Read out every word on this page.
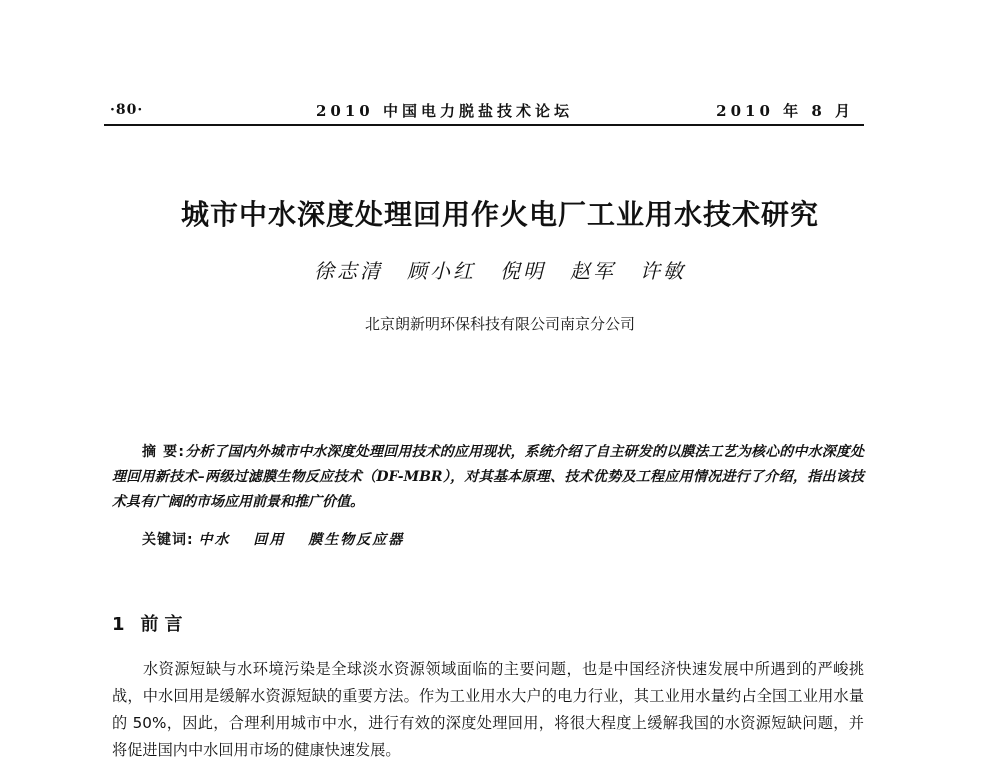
·80·	2010 中国电力脱盐技术论坛	2010 年 8 月
城市中水深度处理回用作火电厂工业用水技术研究

徐志清 顾小红 倪明 赵军 许敏

北京朗新明环保科技有限公司南京分公司

摘 要:分析了国内外城市中水深度处理回用技术的应用现状，系统介绍了自主研发的以膜法工艺为核心的中水深度处理回用新技术–两级过滤膜生物反应技术（DF-MBR），对其基本原理、技术优势及工程应用情况进行了介绍，指出该技术具有广阔的市场应用前景和推广价值。

关键词: 中水 回用 膜生物反应器

1 前言

水资源短缺与水环境污染是全球淡水资源领域面临的主要问题，也是中国经济快速发展中所遇到的严峻挑战，中水回用是缓解水资源短缺的重要方法。作为工业用水大户的电力行业，其工业用水量约占全国工业用水量的 50%，因此，合理利用城市中水，进行有效的深度处理回用，将很大程度上缓解我国的水资源短缺问题，并将促进国内中水回用市场的健康快速发展。
